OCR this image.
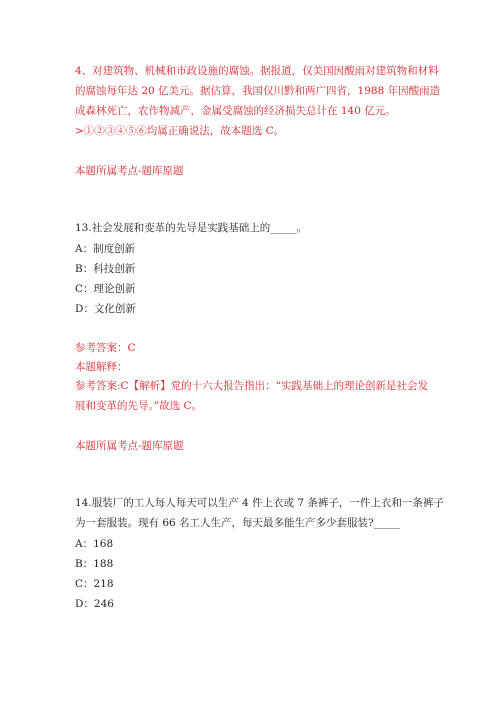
4、对建筑物、机械和市政设施的腐蚀。据报道，仅美国因酸雨对建筑物和材料
的腐蚀每年达 20 亿美元。据估算，我国仅川黔和两广四省，1988 年因酸雨造
成森林死亡，农作物减产，金属受腐蚀的经济损失总计在 140 亿元。
>①②③④⑤⑥均属正确说法，故本题选 C。
本题所属考点-题库原题
13.社会发展和变革的先导是实践基础上的_____。
A：制度创新
B：科技创新
C：理论创新
D：文化创新
参考答案：C
本题解释：
参考答案:C【解析】党的十六大报告指出：“实践基础上的理论创新是社会发
展和变革的先导。”故选 C。
本题所属考点-题库原题
14.服装厂的工人每人每天可以生产 4 件上衣或 7 条裤子，一件上衣和一条裤子
为一套服装。现有 66 名工人生产，每天最多能生产多少套服装?_____
A：168
B：188
C：218
D：246
